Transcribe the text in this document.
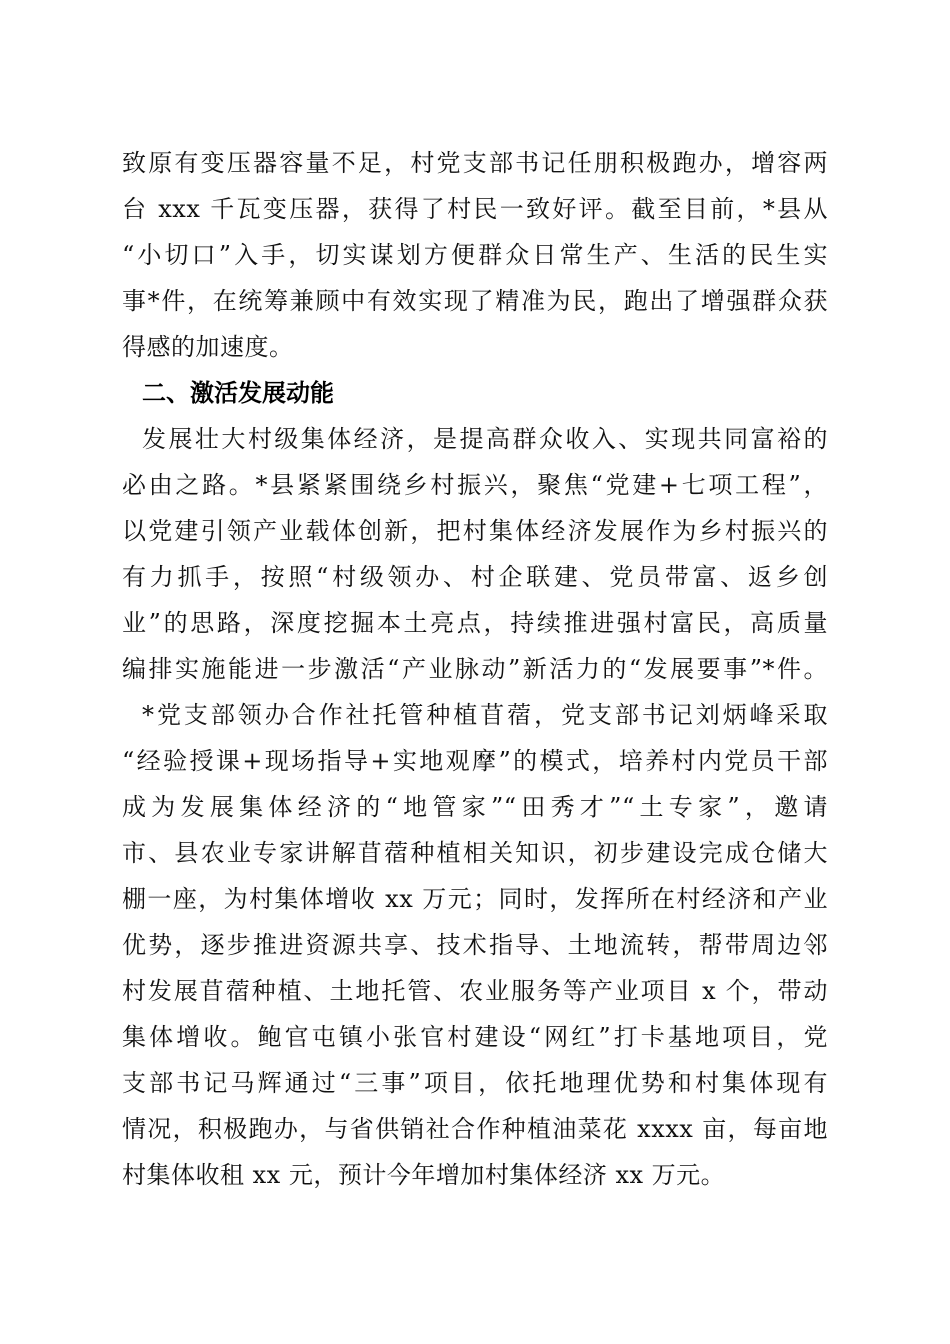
致原有变压器容量不足，村党支部书记任朋积极跑办，增容两
台 xxx 千瓦变压器，获得了村民一致好评。截至目前，*县从
“小切口”入手，切实谋划方便群众日常生产、生活的民生实
事*件，在统筹兼顾中有效实现了精准为民，跑出了增强群众获
得感的加速度。
二、激活发展动能
发展壮大村级集体经济，是提高群众收入、实现共同富裕的
必由之路。*县紧紧围绕乡村振兴，聚焦“党建+七项工程”，
以党建引领产业载体创新，把村集体经济发展作为乡村振兴的
有力抓手，按照“村级领办、村企联建、党员带富、返乡创
业”的思路，深度挖掘本土亮点，持续推进强村富民，高质量
编排实施能进一步激活“产业脉动”新活力的“发展要事”*件。
*党支部领办合作社托管种植苜蓿，党支部书记刘炳峰采取
“经验授课+现场指导+实地观摩”的模式，培养村内党员干部
成为发展集体经济的“地管家”“田秀才”“土专家”，邀请
市、县农业专家讲解苜蓿种植相关知识，初步建设完成仓储大
棚一座，为村集体增收 xx 万元；同时，发挥所在村经济和产业
优势，逐步推进资源共享、技术指导、土地流转，帮带周边邻
村发展苜蓿种植、土地托管、农业服务等产业项目 x 个，带动
集体增收。鲍官屯镇小张官村建设“网红”打卡基地项目，党
支部书记马辉通过“三事”项目，依托地理优势和村集体现有
情况，积极跑办，与省供销社合作种植油菜花 xxxx 亩，每亩地
村集体收租 xx 元，预计今年增加村集体经济 xx 万元。
